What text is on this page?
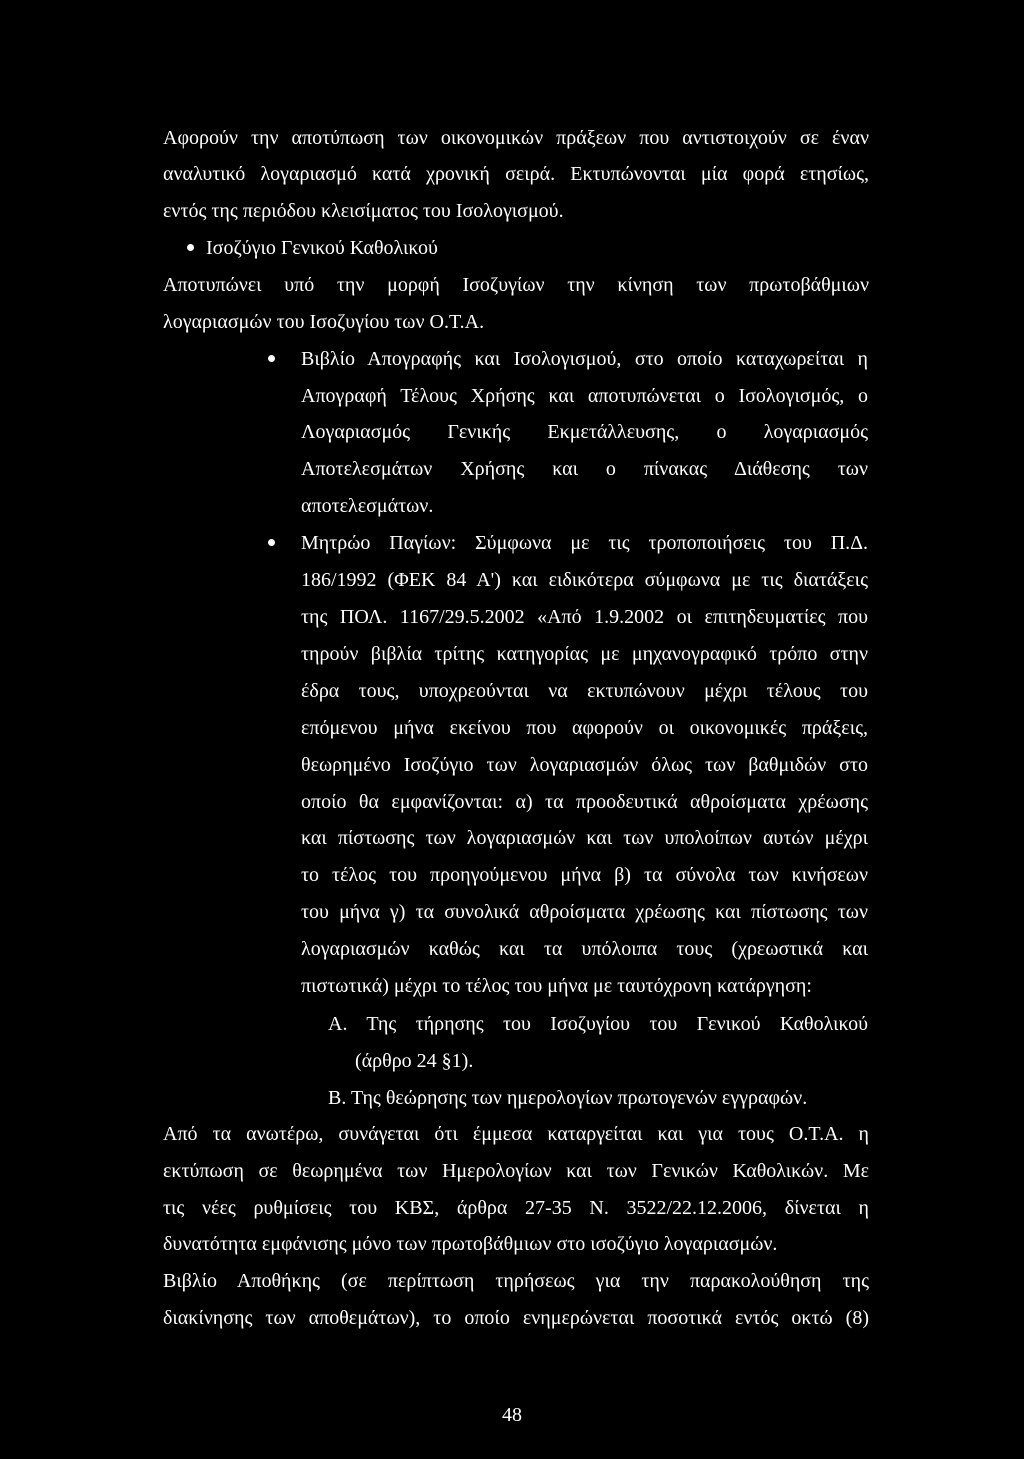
Αφορούν την αποτύπωση των οικονομικών πράξεων που αντιστοιχούν σε έναν

αναλυτικό λογαριασμό κατά χρονική σειρά. Εκτυπώνονται μία φορά ετησίως,

εντός της περιόδου κλεισίματος του Ισολογισμού.

Ισοζύγιο Γενικού Καθολικού

Αποτυπώνει υπό την μορφή Ισοζυγίων την κίνηση των πρωτοβάθμιων

λογαριασμών του Ισοζυγίου των Ο.Τ.Α.

Βιβλίο Απογραφής και Ισολογισμού, στο οποίο καταχωρείται η

Απογραφή Τέλους Χρήσης και αποτυπώνεται ο Ισολογισμός, ο

Λογαριασμός Γενικής Εκμετάλλευσης, ο λογαριασμός

Αποτελεσμάτων Χρήσης και ο πίνακας Διάθεσης των

αποτελεσμάτων.

Μητρώο Παγίων: Σύμφωνα με τις τροποποιήσεις του Π.Δ.

186/1992 (ΦΕΚ 84 Α') και ειδικότερα σύμφωνα με τις διατάξεις

της ΠΟΛ. 1167/29.5.2002 «Από 1.9.2002 οι επιτηδευματίες που

τηρούν βιβλία τρίτης κατηγορίας με μηχανογραφικό τρόπο στην

έδρα τους, υποχρεούνται να εκτυπώνουν μέχρι τέλους του

επόμενου μήνα εκείνου που αφορούν οι οικονομικές πράξεις,

θεωρημένο Ισοζύγιο των λογαριασμών όλως των βαθμιδών στο

οποίο θα εμφανίζονται: α) τα προοδευτικά αθροίσματα χρέωσης

και πίστωσης των λογαριασμών και των υπολοίπων αυτών μέχρι

το τέλος του προηγούμενου μήνα β) τα σύνολα των κινήσεων

του μήνα γ) τα συνολικά αθροίσματα χρέωσης και πίστωσης των

λογαριασμών καθώς και τα υπόλοιπα τους (χρεωστικά και

πιστωτικά) μέχρι το τέλος του μήνα με ταυτόχρονη κατάργηση:

Α. Της τήρησης του Ισοζυγίου του Γενικού Καθολικού

(άρθρο 24 §1).

Β. Της θεώρησης των ημερολογίων πρωτογενών εγγραφών.

Από τα ανωτέρω, συνάγεται ότι έμμεσα καταργείται και για τους Ο.Τ.Α. η

εκτύπωση σε θεωρημένα των Ημερολογίων και των Γενικών Καθολικών. Με

τις νέες ρυθμίσεις του ΚΒΣ, άρθρα 27-35 Ν. 3522/22.12.2006, δίνεται η

δυνατότητα εμφάνισης μόνο των πρωτοβάθμιων στο ισοζύγιο λογαριασμών.

Βιβλίο Αποθήκης (σε περίπτωση τηρήσεως για την παρακολούθηση της

διακίνησης των αποθεμάτων), το οποίο ενημερώνεται ποσοτικά εντός οκτώ (8)

48
